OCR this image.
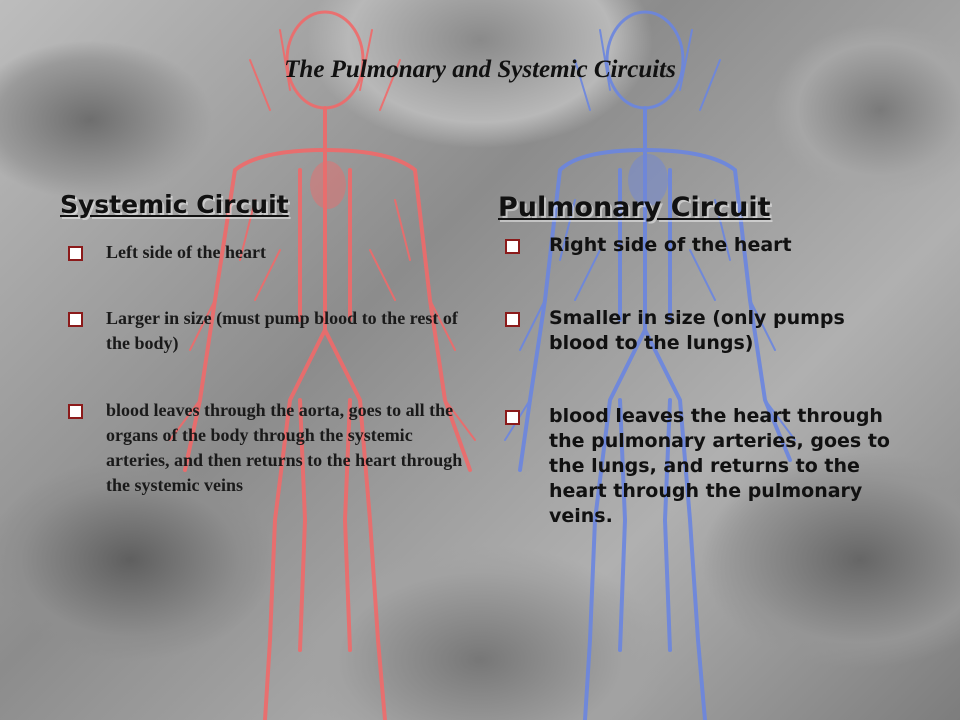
The Pulmonary and Systemic Circuits
Systemic Circuit
Left side of the heart
Larger in size (must pump blood to the rest of the body)
blood leaves through the aorta, goes to all the organs of the body through the systemic arteries, and then returns to the heart through the systemic veins
Pulmonary Circuit
Right side of the heart
Smaller in size (only pumps blood to the lungs)
blood leaves the heart through the pulmonary arteries, goes to the lungs, and returns to the heart through the pulmonary veins.
